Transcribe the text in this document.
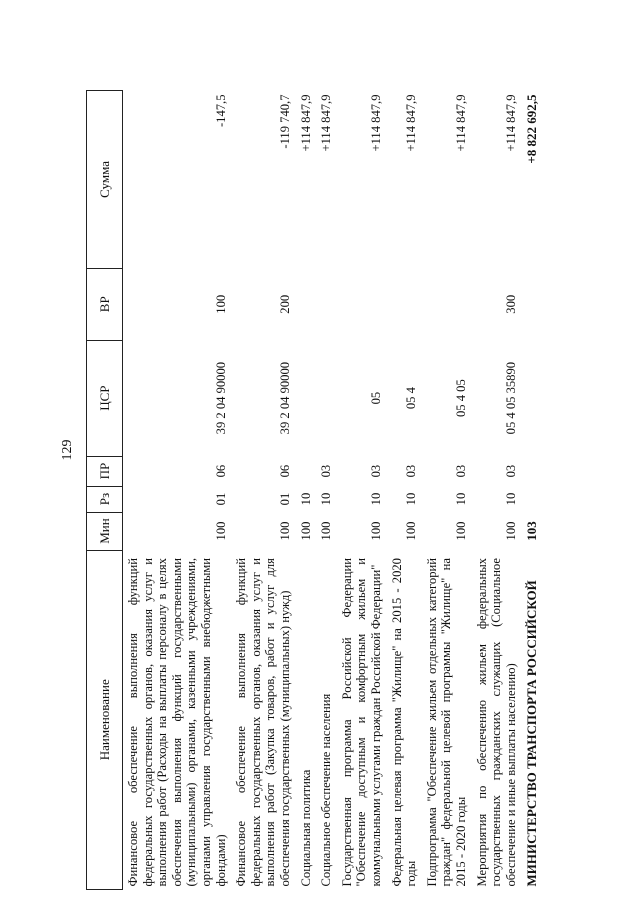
129
Наименование	Мин	Рз	ПР	ЦСР	ВР	Сумма
Финансовое обеспечение выполнения функций федеральных государственных органов, оказания услуг и выполнения работ (Расходы на выплаты персоналу в целях обеспечения выполнения функций государственными (муниципальными) органами, казенными учреждениями, органами управления государственными внебюджетными фондами)	100	01	06	39 2 04 90000	100	-147,5
Финансовое обеспечение выполнения функций федеральных государственных органов, оказания услуг и выполнения работ (Закупка товаров, работ и услуг для обеспечения государственных (муниципальных) нужд)	100	01	06	39 2 04 90000	200	-119 740,7
Социальная политика	100	10				+114 847,9
Социальное обеспечение населения	100	10	03			+114 847,9
Государственная программа Российской Федерации "Обеспечение доступным и комфортным жильем и коммунальными услугами граждан Российской Федерации"	100	10	03	05		+114 847,9
Федеральная целевая программа "Жилище" на 2015 - 2020 годы	100	10	03	05 4		+114 847,9
Подпрограмма "Обеспечение жильем отдельных категорий граждан" федеральной целевой программы "Жилище" на 2015 - 2020 годы	100	10	03	05 4 05		+114 847,9
Мероприятия по обеспечению жильем федеральных государственных гражданских служащих (Социальное обеспечение и иные выплаты населению)	100	10	03	05 4 05 35890	300	+114 847,9
МИНИСТЕРСТВО ТРАНСПОРТА РОССИЙСКОЙ	103					+8 822 692,5
